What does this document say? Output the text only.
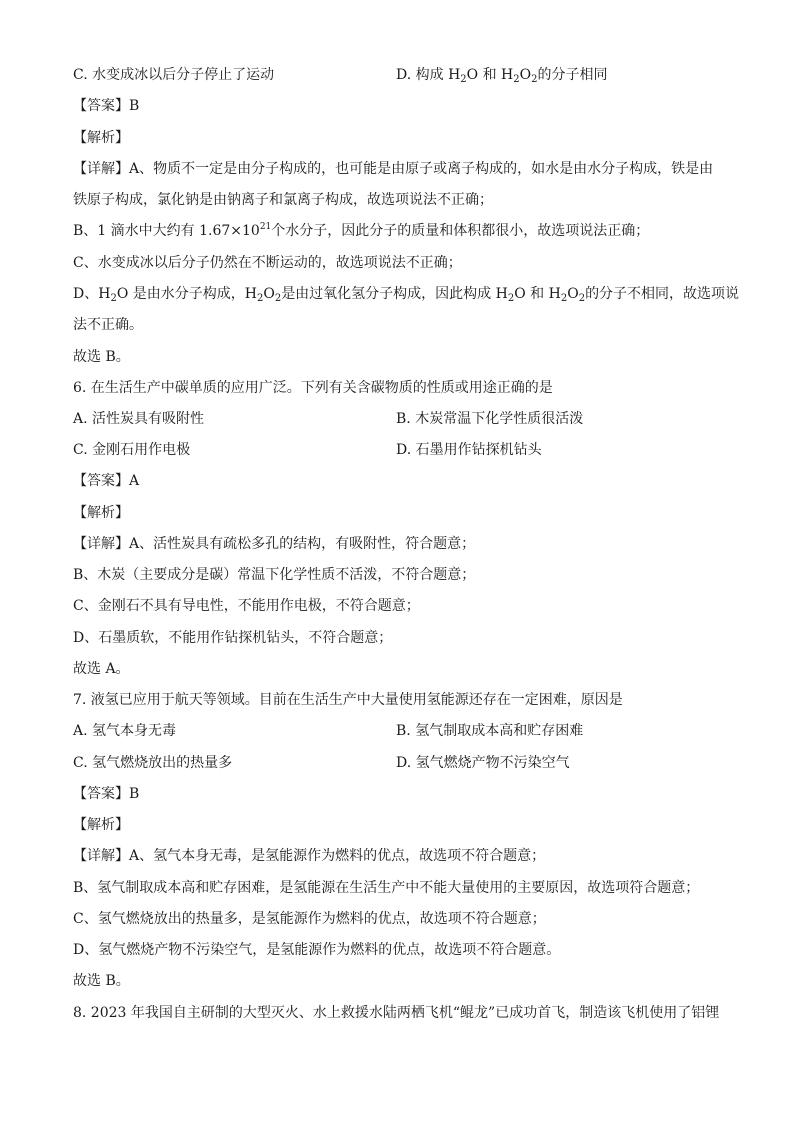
C. 水变成冰以后分子停止了运动	D. 构成 $H_2O$ 和 $H_2O_2$的分子相同
【答案】B
【解析】
【详解】A、物质不一定是由分子构成的，也可能是由原子或离子构成的，如水是由水分子构成，铁是由
铁原子构成，氯化钠是由钠离子和氯离子构成，故选项说法不正确；
B、1 滴水中大约有 $1.67\times 10^{21}$个水分子，因此分子的质量和体积都很小，故选项说法正确；
C、水变成冰以后分子仍然在不断运动的，故选项说法不正确；
D、$H_2O$ 是由水分子构成，$H_2O_2$是由过氧化氢分子构成，因此构成 $H_2O$ 和 $H_2O_2$的分子不相同，故选项说
法不正确。
故选 B。
6. 在生活生产中碳单质的应用广泛。下列有关含碳物质的性质或用途正确的是
A. 活性炭具有吸附性	B. 木炭常温下化学性质很活泼
C. 金刚石用作电极	D. 石墨用作钻探机钻头
【答案】A
【解析】
【详解】A、活性炭具有疏松多孔的结构，有吸附性，符合题意；
B、木炭（主要成分是碳）常温下化学性质不活泼，不符合题意；
C、金刚石不具有导电性，不能用作电极，不符合题意；
D、石墨质软，不能用作钻探机钻头，不符合题意；
故选 A。
7. 液氢已应用于航天等领域。目前在生活生产中大量使用氢能源还存在一定困难，原因是
A. 氢气本身无毒	B. 氢气制取成本高和贮存困难
C. 氢气燃烧放出的热量多	D. 氢气燃烧产物不污染空气
【答案】B
【解析】
【详解】A、氢气本身无毒，是氢能源作为燃料的优点，故选项不符合题意；
B、氢气制取成本高和贮存困难，是氢能源在生活生产中不能大量使用的主要原因，故选项符合题意；
C、氢气燃烧放出的热量多，是氢能源作为燃料的优点，故选项不符合题意；
D、氢气燃烧产物不污染空气，是氢能源作为燃料的优点，故选项不符合题意。
故选 B。
8. 2023 年我国自主研制的大型灭火、水上救援水陆两栖飞机“鲲龙”已成功首飞，制造该飞机使用了铝锂
